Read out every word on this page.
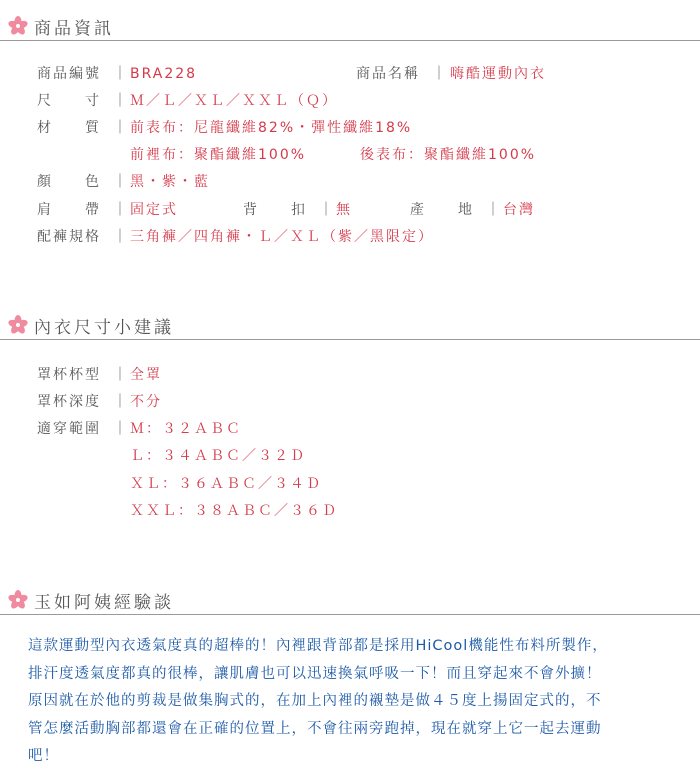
商品資訊
商品編號 ｜ BRA228	商品名稱 ｜ 嗨酷運動內衣
尺　　寸 ｜ Ｍ／Ｌ／ＸＬ／ＸＸＬ（Ｑ）
材　　質 ｜ 前表布：尼龍纖維82%・彈性纖維18%
前裡布：聚酯纖維100%	後表布：聚酯纖維100%
顏　　色 ｜ 黑・紫・藍
肩　　帶 ｜ 固定式	背　　扣 ｜ 無	產　　地 ｜ 台灣
配褲規格 ｜ 三角褲／四角褲・Ｌ／ＸＬ（紫／黑限定）
內衣尺寸小建議
罩杯杯型 ｜ 全罩
罩杯深度 ｜ 不分
適穿範圍 ｜ Ｍ：３２ＡＢＣ
Ｌ：３４ＡＢＣ／３２Ｄ
ＸＬ：３６ＡＢＣ／３４Ｄ
ＸＸＬ：３８ＡＢＣ／３６Ｄ
玉如阿姨經驗談

這款運動型內衣透氣度真的超棒的！內裡跟背部都是採用HiCool機能性布料所製作，

排汗度透氣度都真的很棒，讓肌膚也可以迅速換氣呼吸一下！而且穿起來不會外擴！

原因就在於他的剪裁是做集胸式的，在加上內裡的襯墊是做４５度上揚固定式的，不

管怎麼活動胸部都還會在正確的位置上，不會往兩旁跑掉，現在就穿上它一起去運動

吧！
